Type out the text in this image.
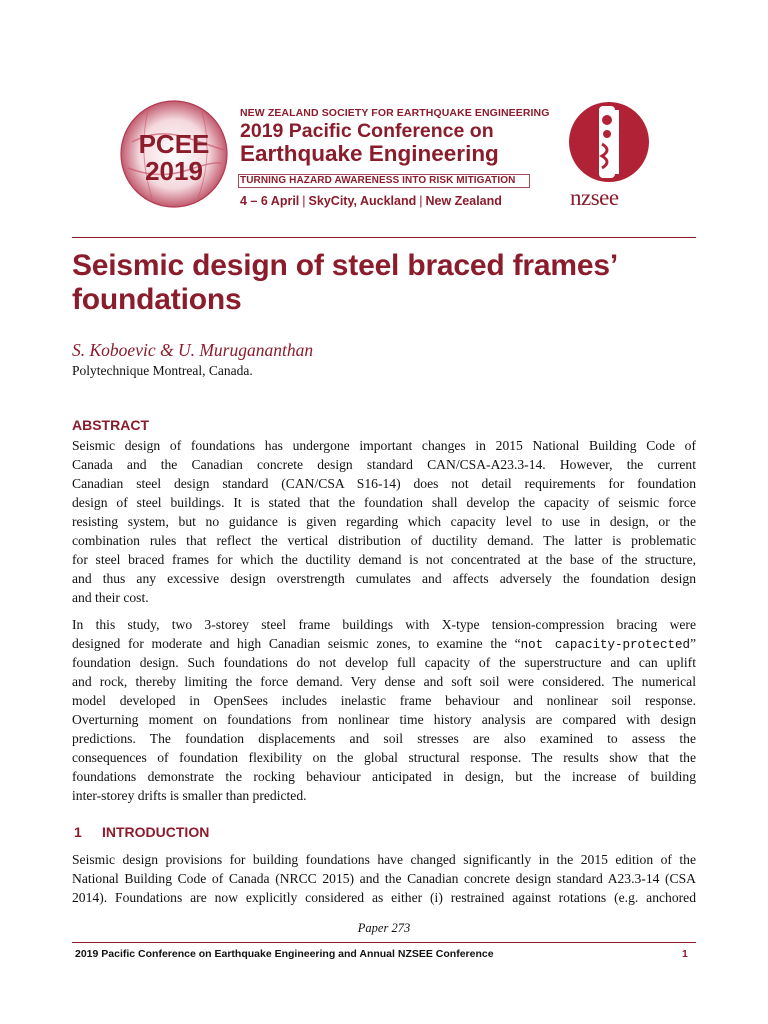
PCEE
2019
NEW ZEALAND SOCIETY FOR EARTHQUAKE ENGINEERING
2019 Pacific Conference on
Earthquake Engineering
TURNING HAZARD AWARENESS INTO RISK MITIGATION
4 – 6 April | SkyCity, Auckland | New Zealand	nzsee
Seismic design of steel braced frames’
foundations
S. Koboevic & U. Murugananthan
Polytechnique Montreal, Canada.
ABSTRACT
Seismic design of foundations has undergone important changes in 2015 National Building Code of
Canada and the Canadian concrete design standard CAN/CSA-A23.3-14. However, the current
Canadian steel design standard (CAN/CSA S16-14) does not detail requirements for foundation
design of steel buildings. It is stated that the foundation shall develop the capacity of seismic force
resisting system, but no guidance is given regarding which capacity level to use in design, or the
combination rules that reflect the vertical distribution of ductility demand. The latter is problematic
for steel braced frames for which the ductility demand is not concentrated at the base of the structure,
and thus any excessive design overstrength cumulates and affects adversely the foundation design
and their cost.
In this study, two 3-storey steel frame buildings with X-type tension-compression bracing were
designed for moderate and high Canadian seismic zones, to examine the “not capacity-protected”
foundation design. Such foundations do not develop full capacity of the superstructure and can uplift
and rock, thereby limiting the force demand. Very dense and soft soil were considered. The numerical
model developed in OpenSees includes inelastic frame behaviour and nonlinear soil response.
Overturning moment on foundations from nonlinear time history analysis are compared with design
predictions. The foundation displacements and soil stresses are also examined to assess the
consequences of foundation flexibility on the global structural response. The results show that the
foundations demonstrate the rocking behaviour anticipated in design, but the increase of building
inter-storey drifts is smaller than predicted.
1 INTRODUCTION
Seismic design provisions for building foundations have changed significantly in the 2015 edition of the
National Building Code of Canada (NRCC 2015) and the Canadian concrete design standard A23.3-14 (CSA
2014). Foundations are now explicitly considered as either (i) restrained against rotations (e.g. anchored
Paper 273
2019 Pacific Conference on Earthquake Engineering and Annual NZSEE Conference	1
